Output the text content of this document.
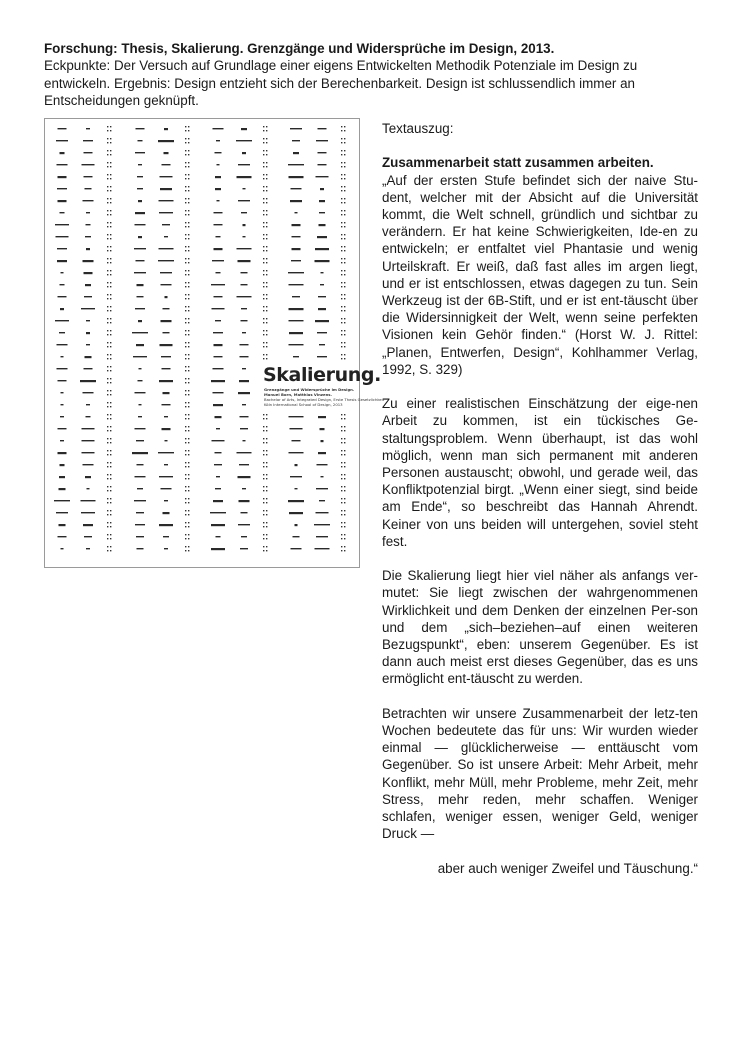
Forschung: Thesis, Skalierung. Grenzgänge und Widersprüche im Design, 2013.
Eckpunkte: Der Versuch auf Grundlage einer eigens Entwickelten Methodik Potenziale im Design zu entwickeln. Ergebnis: Design entzieht sich der Berechenbarkeit. Design ist schlussendlich immer an Entscheidungen geknüpft.
Skalierung.
Grenzgänge und Widersprüche im Design.
Manuel Born, Matthias Vinzens.
Bachelor of Arts, Integrated Design, Erste Thesis Gesetzlichkeit
Köln International School of Design, 2013

Textauszug:

Zusammenarbeit statt zusammen arbeiten.

„Auf der ersten Stufe befindet sich der naive Stu-dent, welcher mit der Absicht auf die Universität kommt, die Welt schnell, gründlich und sichtbar zu verändern. Er hat keine Schwierigkeiten, Ide-en zu entwickeln; er entfaltet viel Phantasie und wenig Urteilskraft. Er weiß, daß fast alles im argen liegt, und er ist entschlossen, etwas dagegen zu tun. Sein Werkzeug ist der 6B-Stift, und er ist ent-täuscht über die Widersinnigkeit der Welt, wenn seine perfekten Visionen kein Gehör finden.“ (Horst W. J. Rittel: „Planen, Entwerfen, Design“, Kohlhammer Verlag, 1992, S. 329)

Zu einer realistischen Einschätzung der eige-nen Arbeit zu kommen, ist ein tückisches Ge-staltungsproblem. Wenn überhaupt, ist das wohl möglich, wenn man sich permanent mit anderen Personen austauscht; obwohl, und gerade weil, das Konfliktpotenzial birgt. „Wenn einer siegt, sind beide am Ende“, so beschreibt das Hannah Ahrendt. Keiner von uns beiden will untergehen, soviel steht fest.

Die Skalierung liegt hier viel näher als anfangs ver-mutet: Sie liegt zwischen der wahrgenommenen Wirklichkeit und dem Denken der einzelnen Per-son und dem „sich–beziehen–auf einen weiteren Bezugspunkt“, eben: unserem Gegenüber. Es ist dann auch meist erst dieses Gegenüber, das es uns ermöglicht ent-täuscht zu werden.

Betrachten wir unsere Zusammenarbeit der letz-ten Wochen bedeutete das für uns: Wir wurden wieder einmal — glücklicherweise — enttäuscht vom Gegenüber. So ist unsere Arbeit: Mehr Arbeit, mehr Konflikt, mehr Müll, mehr Probleme, mehr Zeit, mehr Stress, mehr reden, mehr schaffen. Weniger schlafen, weniger essen, weniger Geld, weniger Druck —

aber auch weniger Zweifel und Täuschung.“
